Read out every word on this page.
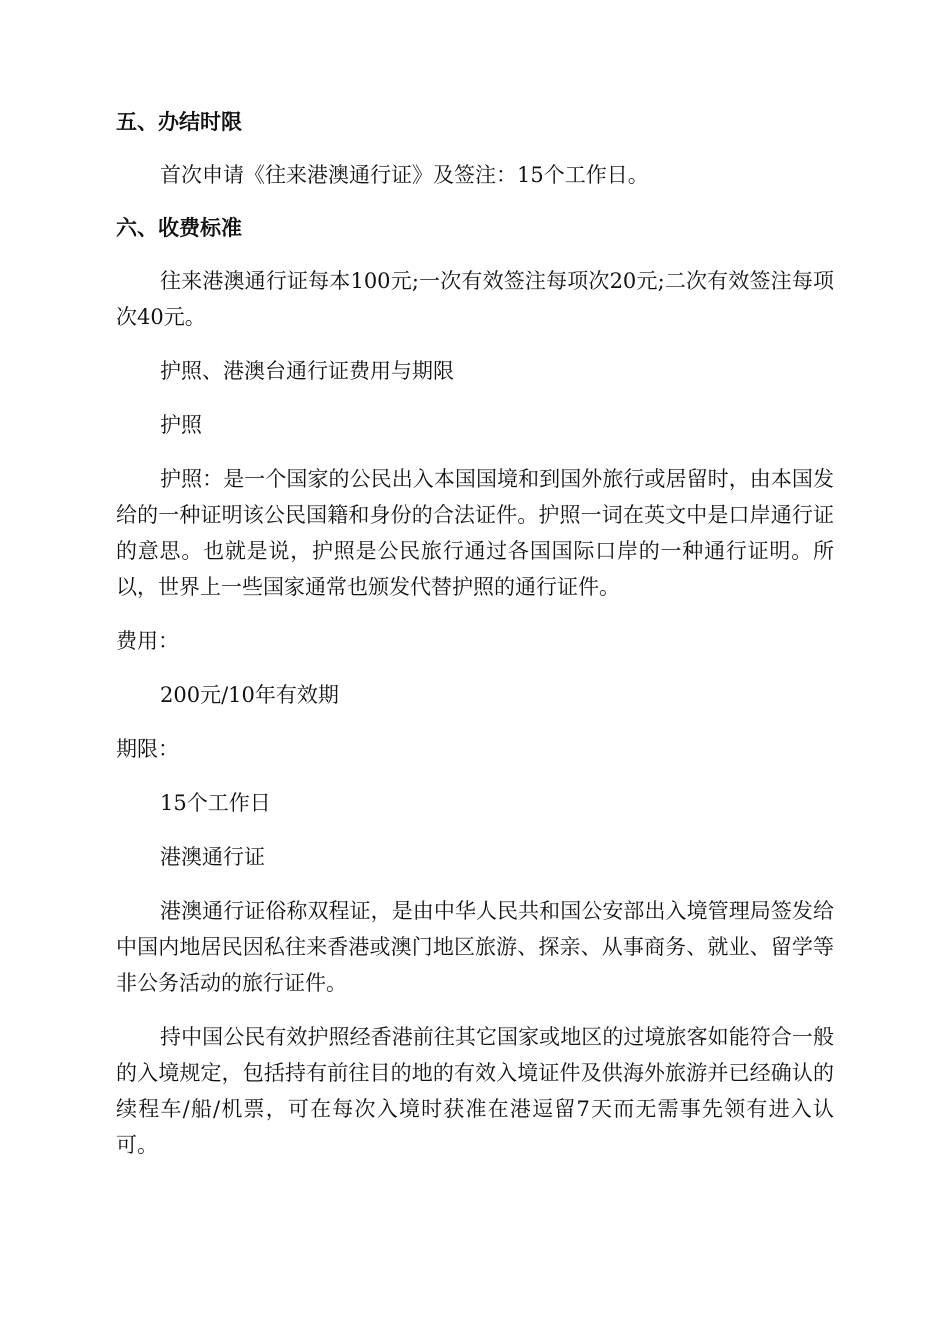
五、办结时限

首次申请《往来港澳通行证》及签注：15个工作日。

六、收费标准

往来港澳通行证每本100元;一次有效签注每项次20元;二次有效签注每项次40元。

护照、港澳台通行证费用与期限

护照

护照：是一个国家的公民出入本国国境和到国外旅行或居留时，由本国发给的一种证明该公民国籍和身份的合法证件。护照一词在英文中是口岸通行证的意思。也就是说，护照是公民旅行通过各国国际口岸的一种通行证明。所以，世界上一些国家通常也颁发代替护照的通行证件。

费用：

200元/10年有效期

期限：

15个工作日

港澳通行证

港澳通行证俗称双程证，是由中华人民共和国公安部出入境管理局签发给中国内地居民因私往来香港或澳门地区旅游、探亲、从事商务、就业、留学等非公务活动的旅行证件。

持中国公民有效护照经香港前往其它国家或地区的过境旅客如能符合一般的入境规定，包括持有前往目的地的有效入境证件及供海外旅游并已经确认的续程车/船/机票，可在每次入境时获准在港逗留7天而无需事先领有进入认可。
